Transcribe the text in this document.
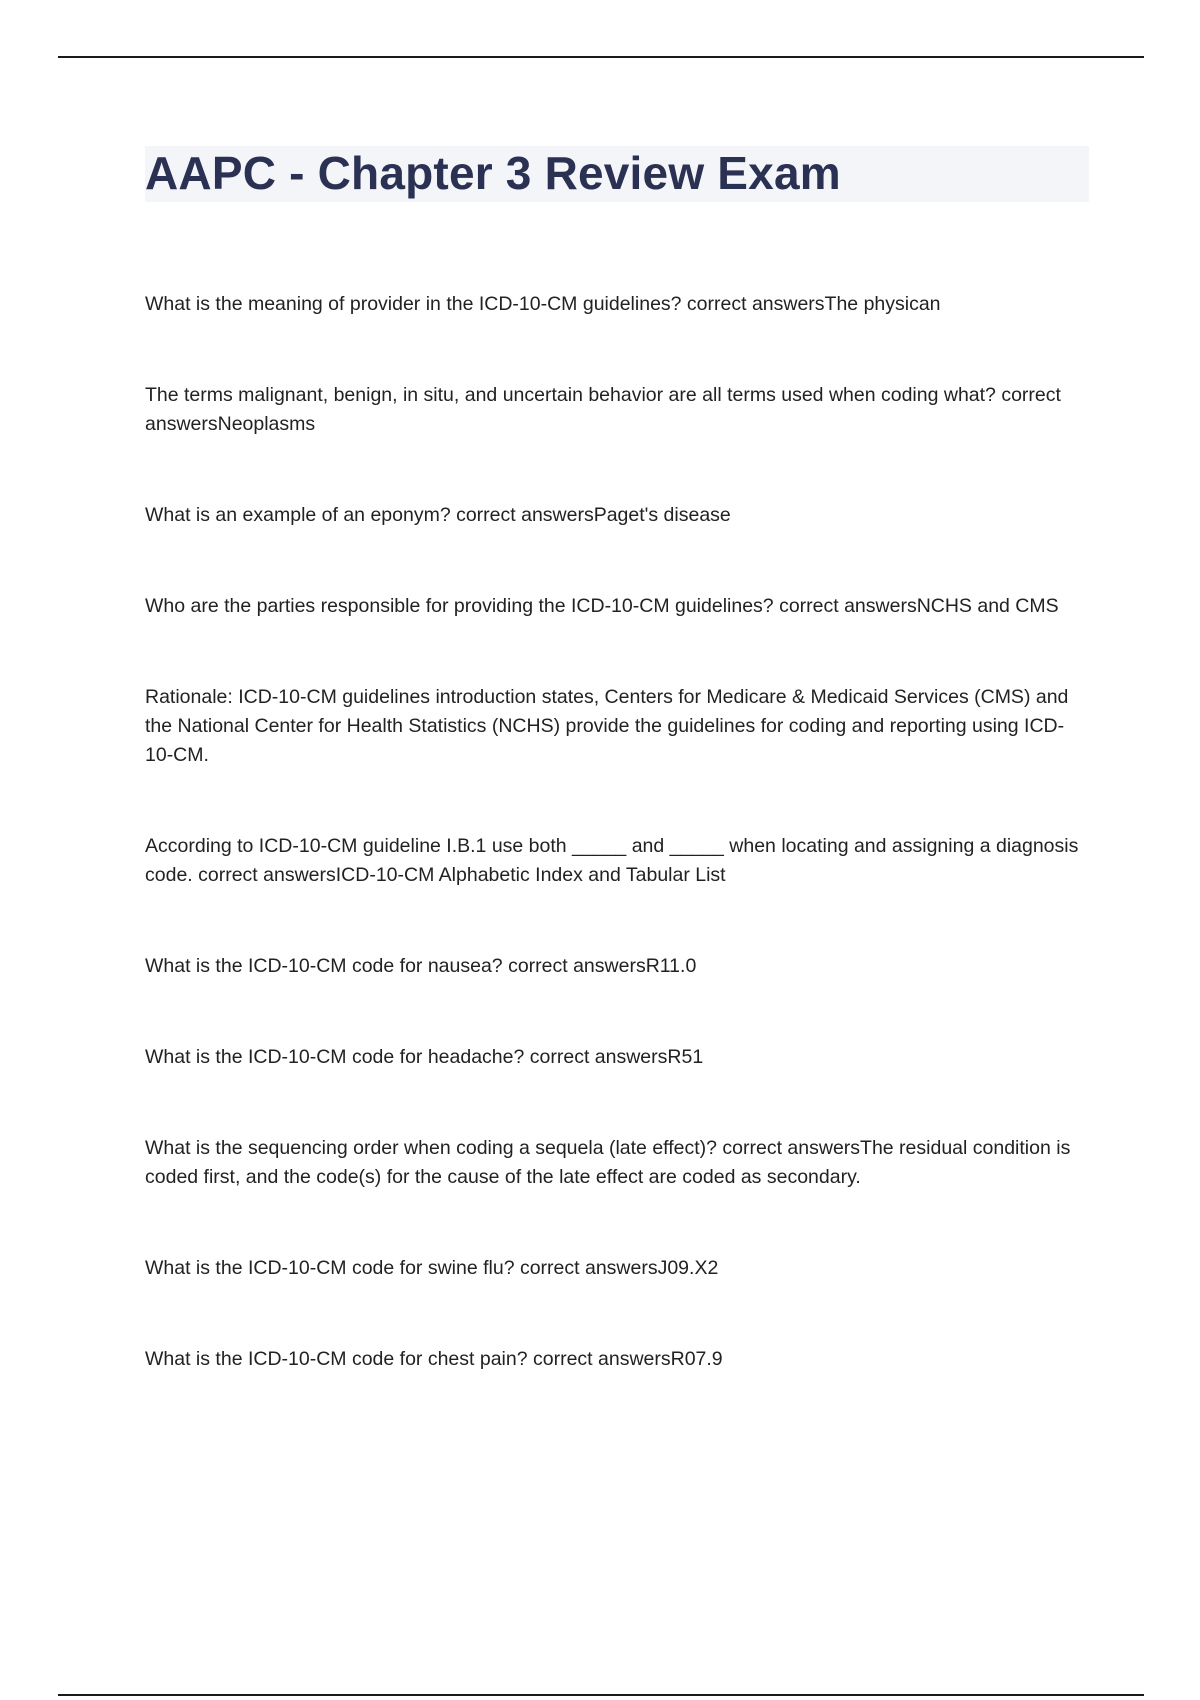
AAPC - Chapter 3 Review Exam

What is the meaning of provider in the ICD-10-CM guidelines? correct answersThe physican

The terms malignant, benign, in situ, and uncertain behavior are all terms used when coding what? correct answersNeoplasms

What is an example of an eponym? correct answersPaget's disease

Who are the parties responsible for providing the ICD-10-CM guidelines? correct answersNCHS and CMS

Rationale: ICD-10-CM guidelines introduction states, Centers for Medicare & Medicaid Services (CMS) and the National Center for Health Statistics (NCHS) provide the guidelines for coding and reporting using ICD-10-CM.

According to ICD-10-CM guideline I.B.1 use both _____ and _____ when locating and assigning a diagnosis code. correct answersICD-10-CM Alphabetic Index and Tabular List

What is the ICD-10-CM code for nausea? correct answersR11.0

What is the ICD-10-CM code for headache? correct answersR51

What is the sequencing order when coding a sequela (late effect)? correct answersThe residual condition is coded first, and the code(s) for the cause of the late effect are coded as secondary.

What is the ICD-10-CM code for swine flu? correct answersJ09.X2

What is the ICD-10-CM code for chest pain? correct answersR07.9
